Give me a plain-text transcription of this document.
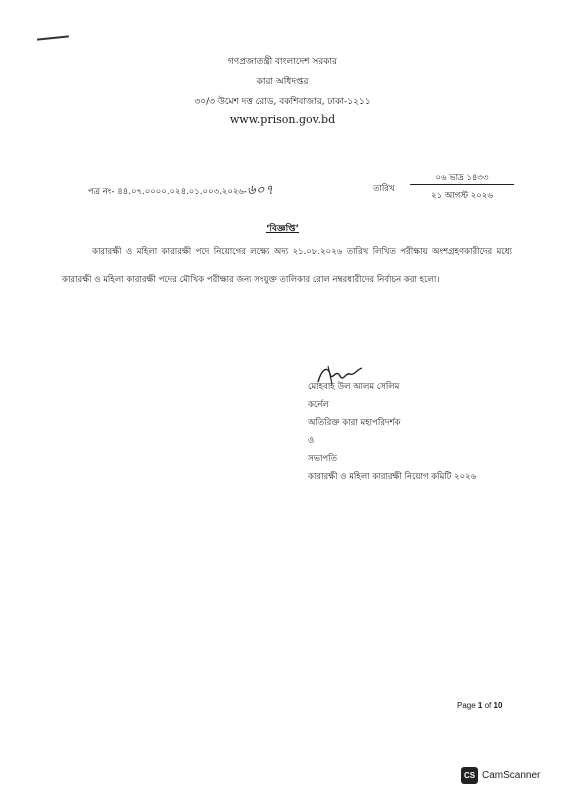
গণপ্রজাতন্ত্রী বাংলাদেশ সরকার
কারা অধিদপ্তর
৩০/৩ উমেশ দত্ত রোড, বকশিবাজার, ঢাকা-১২১১
www.prison.gov.bd
পত্র নং- ৪৪.০৭.০০০০.০২৪.০১.০০৩.২০২৬- ৬০৭	তারিখ
০৬ ভাদ্র ১৪৩৩
২১ আগস্ট ২০২৬
‘বিজ্ঞপ্তি’

কারারক্ষী ও মহিলা কারারক্ষী পদে নিয়োগের লক্ষ্যে অদ্য ২১.০৮.২০২৬ তারিখ লিখিত পরীক্ষায় অংশগ্রহণকারীদের মধ্যে কারারক্ষী ও মহিলা কারারক্ষী পদের মৌখিক পরীক্ষার জন্য সংযুক্ত তালিকার রোল নম্বরধারীদের নির্বাচন করা হলো।

মোহবাহ উল আলম সেলিম
কর্নেল
অতিরিক্ত কারা মহাপরিদর্শক
ও
সভাপতি
কারারক্ষী ও মহিলা কারারক্ষী নিয়োগ কমিটি ২০২৬
Page 1 of 10
CS CamScanner
